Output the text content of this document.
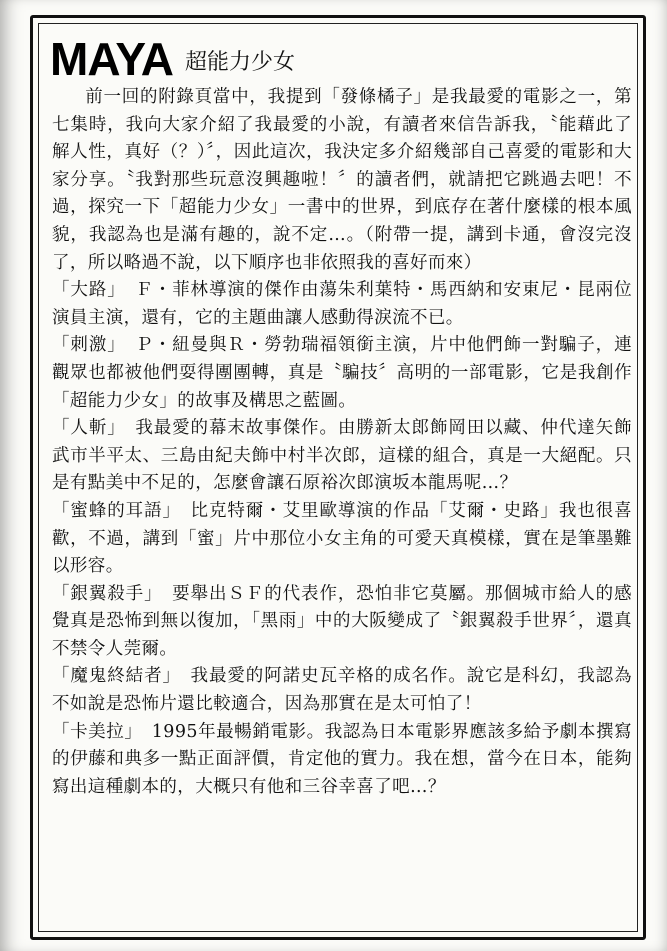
MAYA 超能力少女

前一回的附錄頁當中，我提到「發條橘子」是我最愛的電影之一，第七集時，我向大家介紹了我最愛的小說，有讀者來信告訴我，〝能藉此了解人性，真好（？）〞，因此這次，我決定多介紹幾部自己喜愛的電影和大家分享。〝我對那些玩意沒興趣啦！〞的讀者們，就請把它跳過去吧！不過，探究一下「超能力少女」一書中的世界，到底存在著什麼樣的根本風貌，我認為也是滿有趣的，說不定…。（附帶一提，講到卡通，會沒完沒了，所以略過不說，以下順序也非依照我的喜好而來）

「大路」　Ｆ・菲林導演的傑作由蕩朱利葉特・馬西納和安東尼・昆兩位演員主演，還有，它的主題曲讓人感動得淚流不已。

「刺激」　Ｐ・紐曼與Ｒ・勞勃瑞福領銜主演，片中他們飾一對騙子，連觀眾也都被他們耍得團團轉，真是〝騙技〞高明的一部電影，它是我創作「超能力少女」的故事及構思之藍圖。

「人斬」　我最愛的幕末故事傑作。由勝新太郎飾岡田以藏、仲代達矢飾武市半平太、三島由紀夫飾中村半次郎，這樣的組合，真是一大絕配。只是有點美中不足的，怎麼會讓石原裕次郎演坂本龍馬呢…？

「蜜蜂的耳語」　比克特爾・艾里歐導演的作品「艾爾・史路」我也很喜歡，不過，講到「蜜」片中那位小女主角的可愛天真模樣，實在是筆墨難以形容。

「銀翼殺手」　要舉出ＳＦ的代表作，恐怕非它莫屬。那個城市給人的感覺真是恐怖到無以復加，「黑雨」中的大阪變成了〝銀翼殺手世界〞，還真不禁令人莞爾。

「魔鬼終結者」　我最愛的阿諾史瓦辛格的成名作。說它是科幻，我認為不如說是恐怖片還比較適合，因為那實在是太可怕了！

「卡美拉」　1995年最暢銷電影。我認為日本電影界應該多給予劇本撰寫的伊藤和典多一點正面評價，肯定他的實力。我在想，當今在日本，能夠寫出這種劇本的，大概只有他和三谷幸喜了吧…？
